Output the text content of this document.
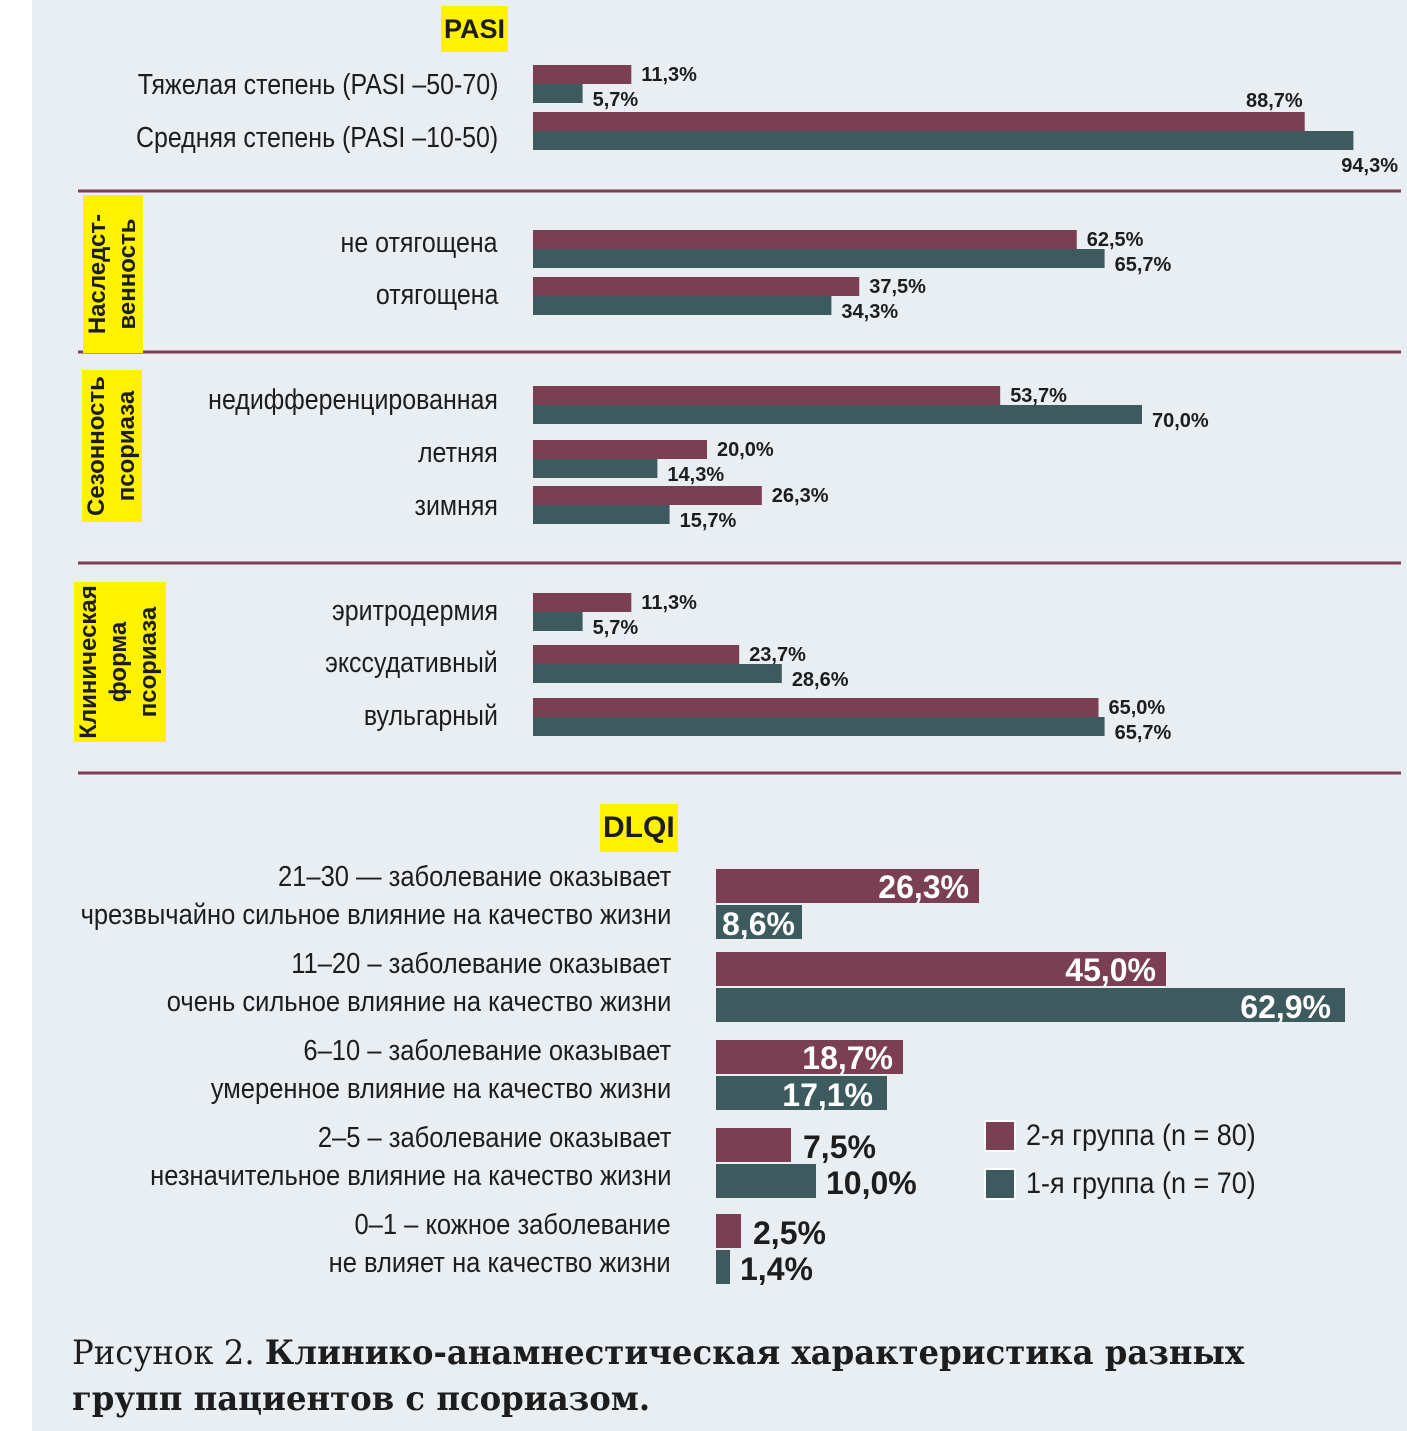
11,3%
5,7%	88,7%
94,3%
62,5%
65,7%
37,5%
34,3%
53,7%
70,0%
20,0%
14,3%
26,3%
15,7%
11,3%
5,7%
23,7%
28,6%
65,0%
65,7%
26,3%
8,6%
45,0%
62,9%
18,7%
17,1%
7,5%
10,0%
2,5%
1,4%
PASI
Наследст- венность
Сезонность псориаза
Клиническая форма псориаза
DLQI
Тяжелая степень (PASI –50-70)
Средняя степень (PASI –10-50)
не отягощена
отягощена
недифференцированная
летняя
зимняя
эритродермия
экссудативный
вульгарный
21–30 — заболевание оказывает
чрезвычайно сильное влияние на качество жизни
11–20 – заболевание оказывает
очень сильное влияние на качество жизни
6–10 – заболевание оказывает
умеренное влияние на качество жизни
2–5 – заболевание оказывает
незначительное влияние на качество жизни
0–1 – кожное заболевание
не влияет на качество жизни
2-я группа (n = 80)
1-я группа (n = 70)
Рисунок 2. Клинико-анамнестическая характеристика разных групп пациентов с псориазом.
